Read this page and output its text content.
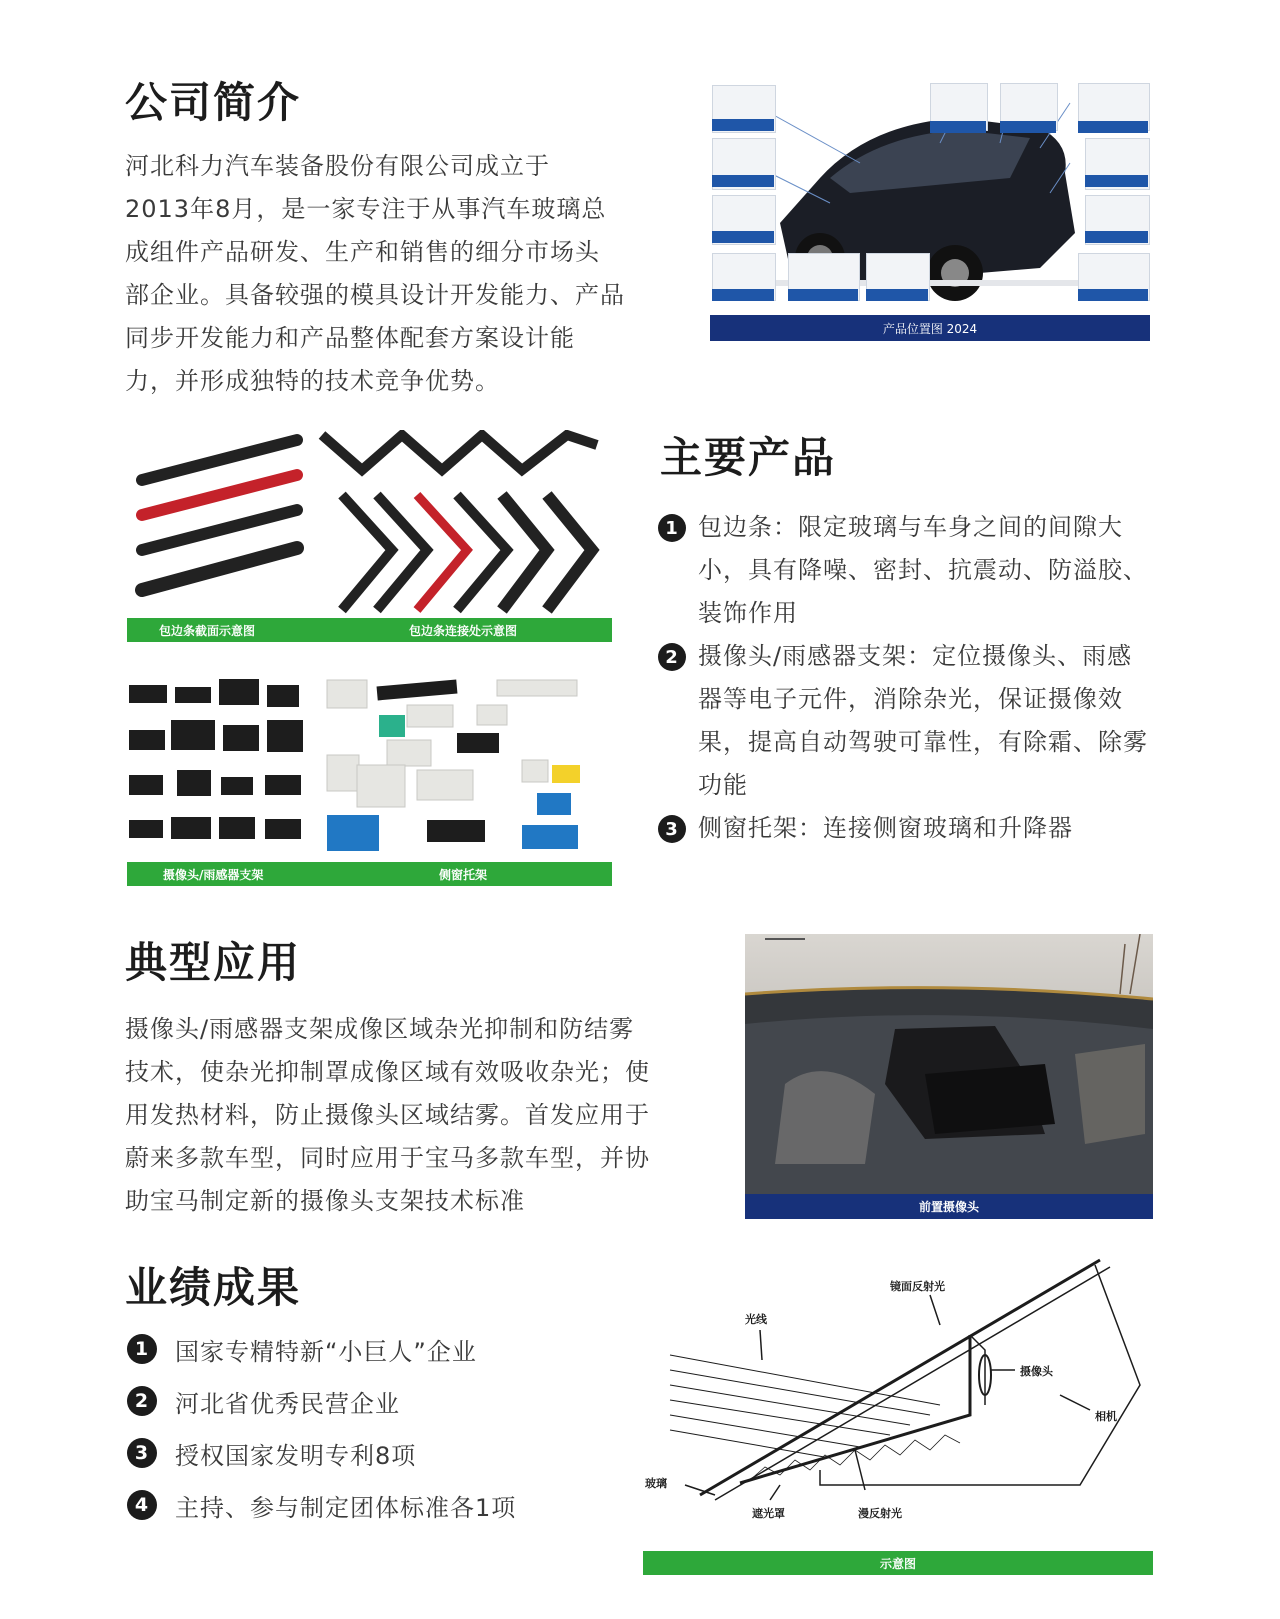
公司简介
河北科力汽车装备股份有限公司成立于
2013年8月，是一家专注于从事汽车玻璃总
成组件产品研发、生产和销售的细分市场头
部企业。具备较强的模具设计开发能力、产品
同步开发能力和产品整体配套方案设计能
力，并形成独特的技术竞争优势。

产品位置图 2024
包边条截面示意图	包边条连接处示意图
摄像头/雨感器支架	侧窗托架
主要产品
1 包边条：限定玻璃与车身之间的间隙大
小，具有降噪、密封、抗震动、防溢胶、
装饰作用
2 摄像头/雨感器支架：定位摄像头、雨感
器等电子元件，消除杂光，保证摄像效
果，提高自动驾驶可靠性，有除霜、除雾
功能
3 侧窗托架：连接侧窗玻璃和升降器
典型应用
摄像头/雨感器支架成像区域杂光抑制和防结雾
技术，使杂光抑制罩成像区域有效吸收杂光；使
用发热材料，防止摄像头区域结雾。首发应用于
蔚来多款车型，同时应用于宝马多款车型，并协
助宝马制定新的摄像头支架技术标准	前置摄像头
业绩成果
1	国家专精特新“小巨人”企业
2	河北省优秀民营企业
3	授权国家发明专利8项
4	主持、参与制定团体标准各1项
镜面反射光
光线
摄像头
相机
玻璃
遮光罩	漫反射光
示意图
